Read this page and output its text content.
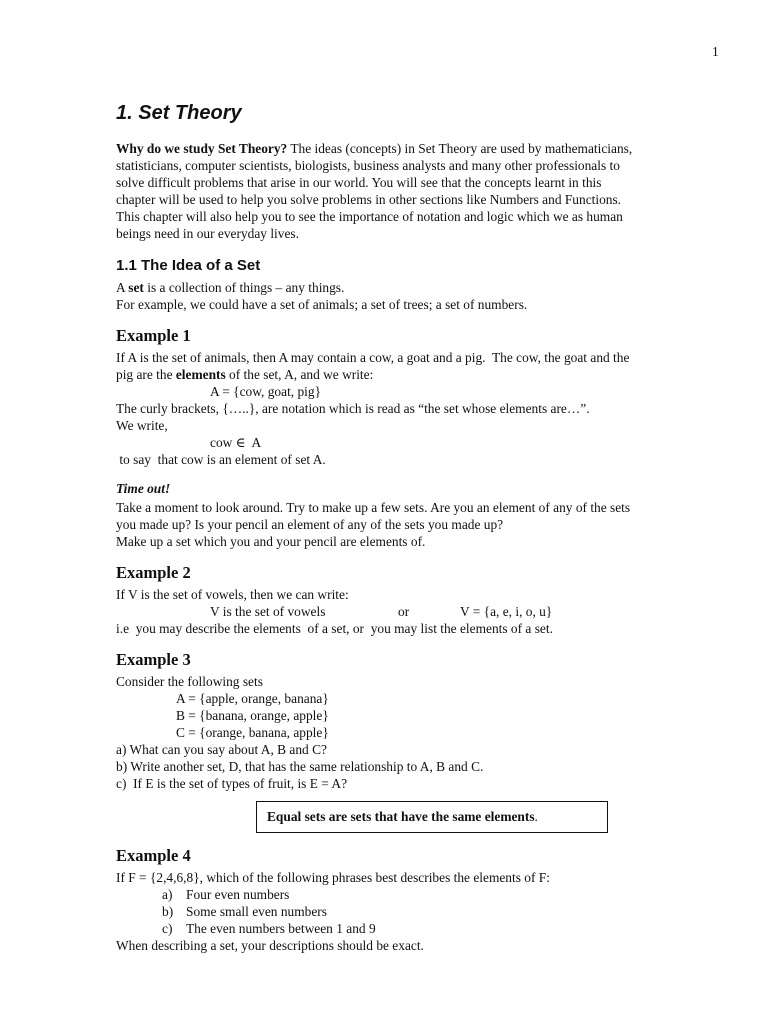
1
1. Set Theory

Why do we study Set Theory? The ideas (concepts) in Set Theory are used by mathematicians,
statisticians, computer scientists, biologists, business analysts and many other professionals to
solve difficult problems that arise in our world. You will see that the concepts learnt in this
chapter will be used to help you solve problems in other sections like Numbers and Functions.
This chapter will also help you to see the importance of notation and logic which we as human
beings need in our everyday lives.

1.1 The Idea of a Set

A set is a collection of things – any things.

For example, we could have a set of animals; a set of trees; a set of numbers.

Example 1

If A is the set of animals, then A may contain a cow, a goat and a pig.  The cow, the goat and the

pig are the elements of the set, A, and we write:

A = {cow, goat, pig}

The curly brackets, {…..}, are notation which is read as “the set whose elements are…”.

We write,

cow ∈  A

to say  that cow is an element of set A.

Time out!

Take a moment to look around. Try to make up a few sets. Are you an element of any of the sets

you made up? Is your pencil an element of any of the sets you made up?

Make up a set which you and your pencil are elements of.

Example 2

If V is the set of vowels, then we can write:

V is the set of vowels	or	V = {a, e, i, o, u}

i.e  you may describe the elements  of a set, or  you may list the elements of a set.

Example 3

Consider the following sets

A = {apple, orange, banana}

B = {banana, orange, apple}

C = {orange, banana, apple}

a) What can you say about A, B and C?

b) Write another set, D, that has the same relationship to A, B and C.

c)  If E is the set of types of fruit, is E = A?

Equal sets are sets that have the same elements.
Example 4

If F = {2,4,6,8}, which of the following phrases best describes the elements of F:

a)	Four even numbers
b) Some small even numbers
c)	The even numbers between 1 and 9

When describing a set, your descriptions should be exact.
